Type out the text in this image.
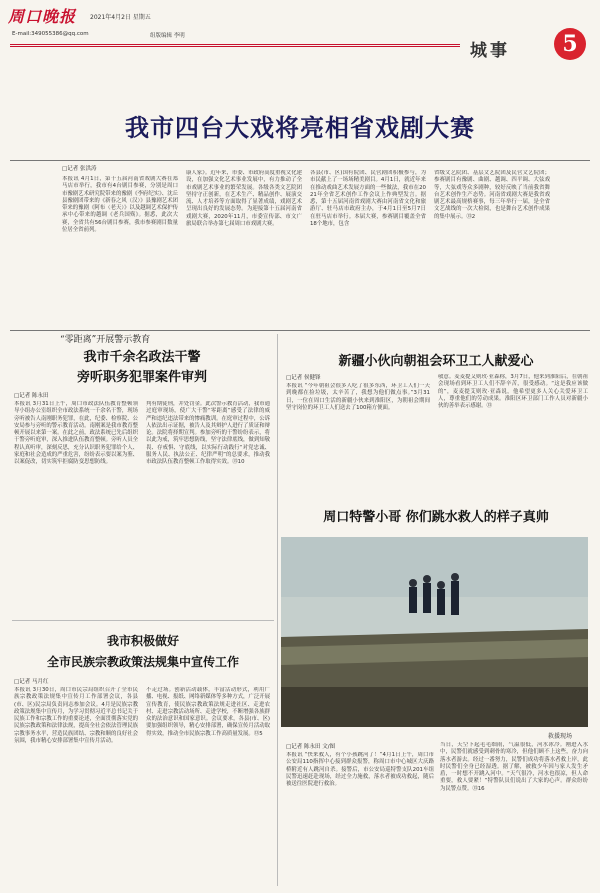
周口晚报 2021年4月2日 星期五
E-mail:349055386@qq.com	组版编辑 李明
城事	5
我市四台大戏将亮相省戏剧大赛
□记者 张洪涛
本报讯 4月1日，第十五届河南省戏剧大赛在郑马店市举行，我市有4台剧目参赛，分别是周口市豫剧艺术研究院带来的豫剧《李府纪实》、沈丘县豫剧团带来的《新春之风（汉）》县豫剧艺术团带来的豫剧《阿布（老天）》以及越调艺术保护传承中心带来的越调《老兵国殇》。据悉，此次大赛，全省共有56台剧目参赛，我市参赛剧目数量位居全省前列。
康人家》。近年来，市委、市政府高度重视文化建设，在加强文化艺术事业发展中，有力推动了全市戏剧艺术事业的繁荣发展。各级各类文艺院团坚持守正创新，在艺术生产、精品创作、展演交流、人才培养等方面取得了显著成绩，戏剧艺术呈现出良好的发展态势。为迎接第十五届河南省戏剧大赛，2020年11月，市委宣传部、市文广旅局联合举办第七届周口市戏剧大赛。
各县(市、区)国有院团、民营剧团积极参与，为市民献上了一场场精美剧目。4月1日，就近年来在推动戏曲艺术发展方面的一些做法，我市在2021年全省艺术创作工作会议上作典型发言。据悉，第十五届河南省戏剧大赛由河南省文化和旅游厅、驻马店市政府主办，于4月1日至5月7日在驻马店市举行。本届大赛，参赛剧目覆盖全省18个地市，包含
省级文艺院团、基层文艺院团及民营文艺院团；参赛剧目有豫剧、曲剧、越调、四平调、大弦戏等，大弦戏等众多剧种，较好反映了当前我省舞台艺术创作生产态势。河南省戏剧大赛是我省戏剧艺术最高规格赛事，每三年举行一届，是全省文艺战线的一次大检阅，也是舞台艺术创作成果的集中展示。⑬2
“零距离”开展警示教育
我市千余名政法干警
旁听职务犯罪案件审判
□记者 陈永田
本报讯 3月31日上午，周口市政法队伍教育整顿领导小组办公室组织全市政法系统一千余名干警，现场旁听被告人南刚职务犯罪，在此，纪委、检察院、公安局参与旁听的警示教育活动。南刚案是我市教育整顿开展以来第一案。在此之前，政法系统已先后组织干警旁听庭审，深入推进队伍教育整顿。旁听人员全程认真听审，深刻反思，充分认识职务犯罪给个人、家庭和社会造成的严重危害，纷纷表示要以案为鉴、以案促改，切实筑牢拒腐防变思想防线。
判有期徒刑，并处罚金。此次警示教育活动，我市通过庭审现场，使广大干警“零距离”感受了法律的威严和违纪违法带来的惨痛教训。在庭审过程中，公诉人依法出示证据，被告人及其辩护人进行了质证和辩论。法院将择期宣判。参加旁听的干警纷纷表示，将以此为戒，筑牢思想防线，坚守法律底线，做到知敬畏、存戒惧、守底线，以实际行动践行“对党忠诚、服务人民、执法公正、纪律严明”的总要求，推动我市政法队伍教育整顿工作取得实效。⑬10
我市积极做好
全市民族宗教政策法规集中宣传工作
□记者 马月红
本报讯 3月30日，周口市民宗局组织召开了全市民族宗教政策法规集中宣传月工作部署会议，各县(市、区)民宗局负责同志参加会议。4月是民族宗教政策法规集中宣传月，为学习贯彻习近平总书记关于民族工作和宗教工作的重要论述，全面贯彻落实党的民族宗教政策和法律法规，提高全社会依法管理民族宗教事务水平，营造民族团结、宗教和顺的良好社会氛围，我市精心安排部署集中宣传月活动。
不走过场。创新活动载体，丰富活动形式，利用广播、电视、报纸、网络新媒体等多种方式，广泛开展宣传教育，使民族宗教政策法规走进社区、走进农村、走进宗教活动场所、走进学校，不断增强各族群众的法治意识和国家意识。会议要求，各县(市、区)要加强组织领导，精心安排部署，确保宣传月活动取得实效，推动全市民族宗教工作高质量发展。⑬5
新疆小伙向朝祖会环卫工人献爱心
□记者 侯健锋
本报讯 “今年朝祖会很多人吃了很多东西，环卫工人们一天到晚都在捡垃圾，太辛苦了，我想为他们做点事。”3月31日，一位在周口生活的新疆小伙来到淮阳区，为朝祖会期间坚守岗位的环卫工人们送去了100箱方便面。
敬意。麦麦提艾则玫·亚森称，3月7日，他来到淮阳后，在朝祖会现场看到环卫工人们不辞辛苦，很受感动。“这是我应该做的”，麦麦提艾则玫·亚森说，他希望更多人关心关爱环卫工人，尊重他们的劳动成果。淮阳区环卫部门工作人员对新疆小伙的善举表示感谢。⑬
周口特警小哥 你们跳水救人的样子真帅
救援现场
□记者 陈永田 文/图
本报讯 “快来救人，有个小孩跳河了！”4月1日上午，周口市公安局110指挥中心接到群众报警，称周口市中心城区大庆路桥附近有人跳河自杀。接警后，市公安局巡特警支队201车组民警迅速赶赴现场，经过全力施救，落水者被成功救起，随后被送往医院进行救治。
当日，天空下起毛毛细雨，气温很低，河水冰冷。刚进入水中，民警们就感受到刺骨的寒冷，但他们顾不上这些，奋力向落水者游去。经过一番努力，民警们成功将落水者救上岸，此时民警们全身已经湿透。据了解，被救少年因与家人发生矛盾，一时想不开跳入河中。“天气很冷，河水也很凉，但人命重要，救人要紧！”特警队员们说出了大家的心声。群众纷纷为民警点赞。⑬16
